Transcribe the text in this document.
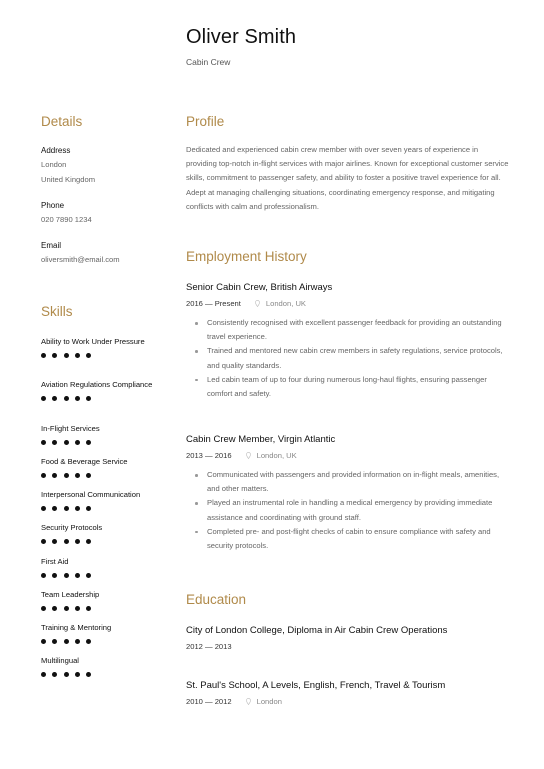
Oliver Smith
Cabin Crew
Details
Address
London
United Kingdom
Phone
020 7890 1234
Email
oliversmith@email.com
Skills
Ability to Work Under Pressure
Aviation Regulations Compliance
In-Flight Services
Food & Beverage Service
Interpersonal Communication
Security Protocols
First Aid
Team Leadership
Training & Mentoring
Multilingual
Profile
Dedicated and experienced cabin crew member with over seven years of experience in providing top-notch in-flight services with major airlines. Known for exceptional customer service skills, commitment to passenger safety, and ability to foster a positive travel experience for all. Adept at managing challenging situations, coordinating emergency response, and mitigating conflicts with calm and professionalism.
Employment History
Senior Cabin Crew, British Airways
2016 — Present	London, UK
Consistently recognised with excellent passenger feedback for providing an outstanding travel experience.
Trained and mentored new cabin crew members in safety regulations, service protocols, and quality standards.
Led cabin team of up to four during numerous long-haul flights, ensuring passenger comfort and safety.
Cabin Crew Member, Virgin Atlantic
2013 — 2016	London, UK
Communicated with passengers and provided information on in-flight meals, amenities, and other matters.
Played an instrumental role in handling a medical emergency by providing immediate assistance and coordinating with ground staff.
Completed pre- and post-flight checks of cabin to ensure compliance with safety and security protocols.
Education
City of London College, Diploma in Air Cabin Crew Operations
2012 — 2013
St. Paul's School, A Levels, English, French, Travel & Tourism
2010 — 2012	London
